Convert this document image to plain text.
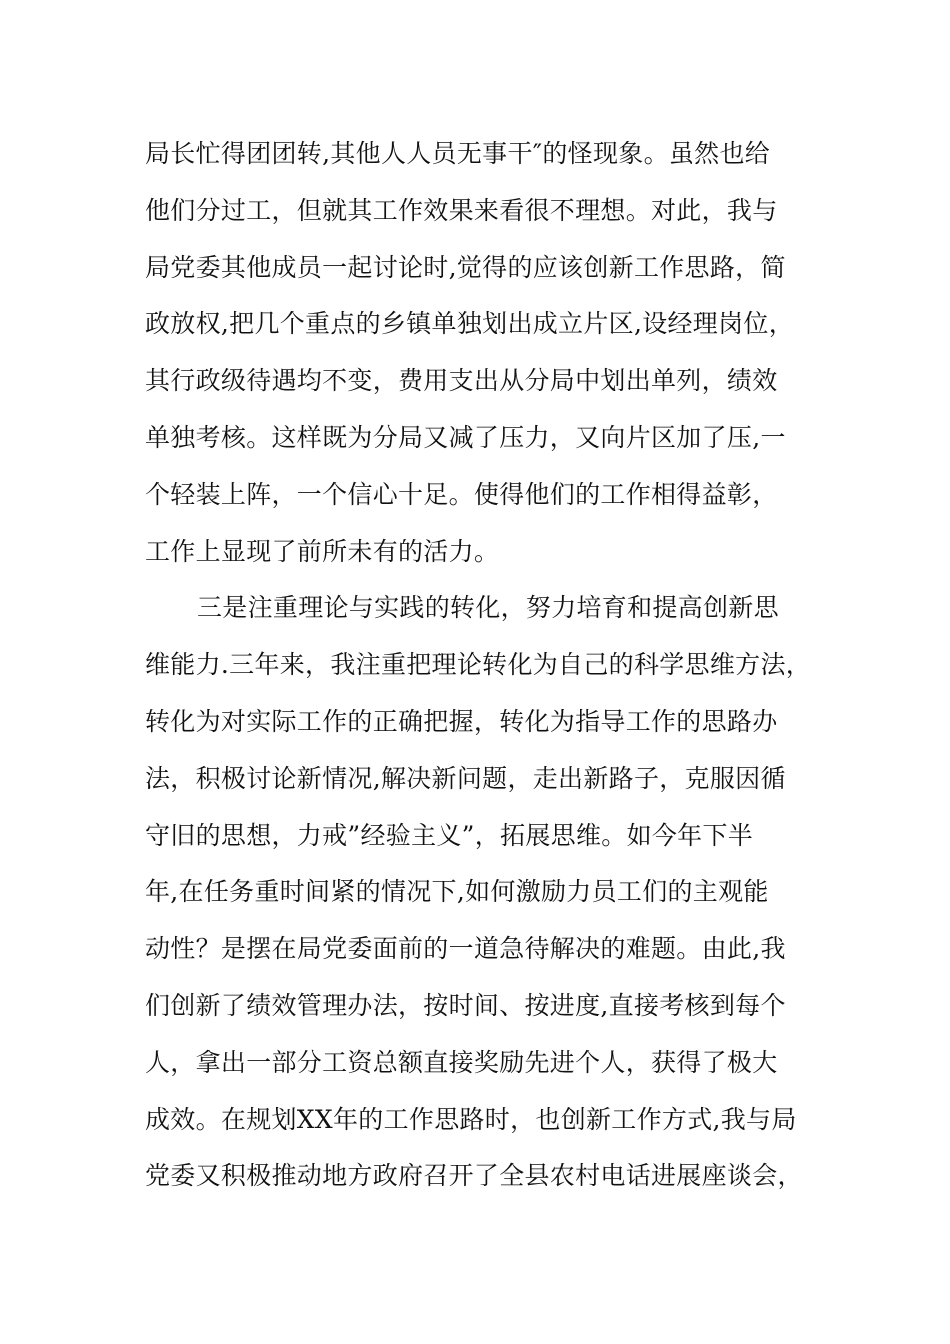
局长忙得团团转,其他人人员无事干″的怪现象。虽然也给
他们分过工，但就其工作效果来看很不理想。对此，我与
局党委其他成员一起讨论时,觉得的应该创新工作思路，简
政放权,把几个重点的乡镇单独划出成立片区,设经理岗位，
其行政级待遇均不变，费用支出从分局中划出单列，绩效
单独考核。这样既为分局又减了压力，又向片区加了压,一
个轻装上阵，一个信心十足。使得他们的工作相得益彰，
工作上显现了前所未有的活力。
三是注重理论与实践的转化，努力培育和提高创新思
维能力.三年来，我注重把理论转化为自己的科学思维方法，
转化为对实际工作的正确把握，转化为指导工作的思路办
法，积极讨论新情况,解决新问题，走出新路子，克服因循
守旧的思想，力戒”经验主义”，拓展思维。如今年下半
年,在任务重时间紧的情况下,如何激励力员工们的主观能
动性？是摆在局党委面前的一道急待解决的难题。由此,我
们创新了绩效管理办法，按时间、按进度,直接考核到每个
人，拿出一部分工资总额直接奖励先进个人，获得了极大
成效。在规划XX年的工作思路时，也创新工作方式,我与局
党委又积极推动地方政府召开了全县农村电话进展座谈会，
